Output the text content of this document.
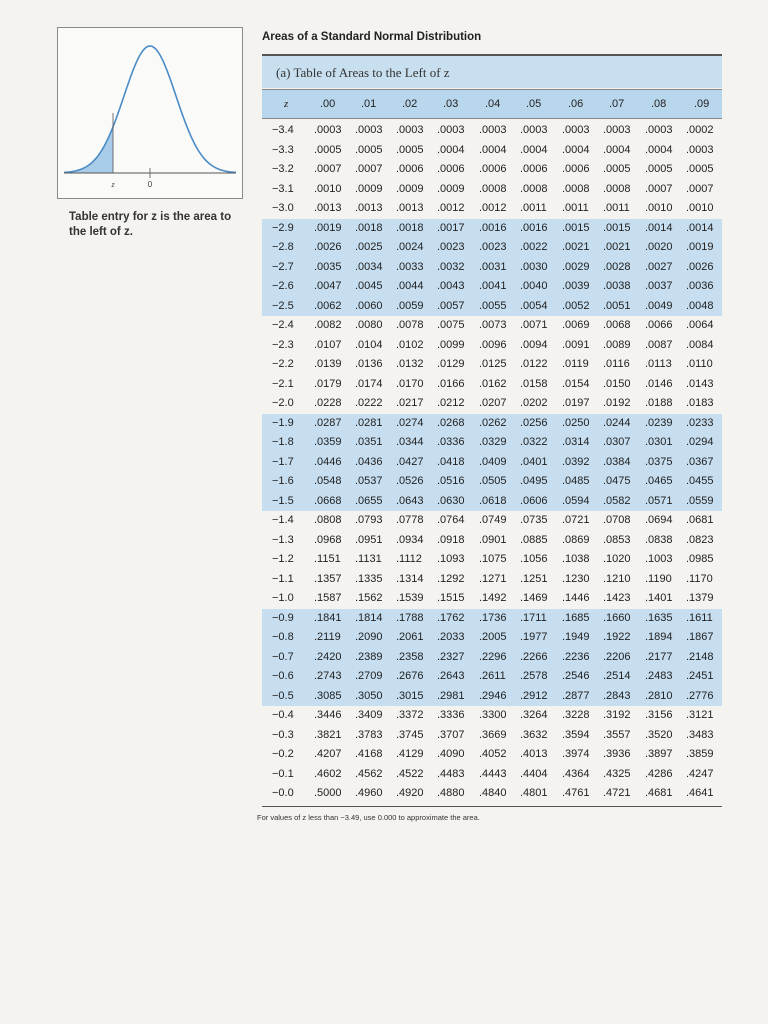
z	0
Table entry for z is the area to the left of z.
Areas of a Standard Normal Distribution
(a) Table of Areas to the Left of z
z	.00 .01 .02 .03 .04 .05 .06 .07 .08	.09
−3.4 .0003 .0003 .0003 .0003 .0003 .0003 .0003 .0003 .0003 .0002
−3.3 .0005 .0005 .0005 .0004 .0004 .0004 .0004 .0004 .0004 .0003
−3.2 .0007 .0007 .0006 .0006 .0006 .0006 .0006 .0005 .0005 .0005
−3.1 .0010 .0009 .0009 .0009 .0008 .0008 .0008 .0008 .0007 .0007
−3.0 .0013 .0013 .0013 .0012 .0012 .0011 .0011 .0011 .0010 .0010
−2.9 .0019 .0018 .0018 .0017 .0016 .0016 .0015 .0015 .0014 .0014
−2.8 .0026 .0025 .0024 .0023 .0023 .0022 .0021 .0021 .0020 .0019
−2.7 .0035 .0034 .0033 .0032 .0031 .0030 .0029 .0028 .0027 .0026
−2.6 .0047 .0045 .0044 .0043 .0041 .0040 .0039 .0038 .0037 .0036
−2.5 .0062 .0060 .0059 .0057 .0055 .0054 .0052 .0051 .0049 .0048
−2.4 .0082 .0080 .0078 .0075 .0073 .0071 .0069 .0068 .0066 .0064
−2.3 .0107 .0104 .0102 .0099 .0096 .0094 .0091 .0089 .0087 .0084
−2.2 .0139 .0136 .0132 .0129 .0125 .0122 .0119 .0116 .0113 .0110
−2.1 .0179 .0174 .0170 .0166 .0162 .0158 .0154 .0150 .0146 .0143
−2.0 .0228 .0222 .0217 .0212 .0207 .0202 .0197 .0192 .0188 .0183
−1.9 .0287 .0281 .0274 .0268 .0262 .0256 .0250 .0244 .0239 .0233
−1.8 .0359 .0351 .0344 .0336 .0329 .0322 .0314 .0307 .0301 .0294
−1.7 .0446 .0436 .0427 .0418 .0409 .0401 .0392 .0384 .0375 .0367
−1.6 .0548 .0537 .0526 .0516 .0505 .0495 .0485 .0475 .0465 .0455
−1.5 .0668 .0655 .0643 .0630 .0618 .0606 .0594 .0582 .0571 .0559
−1.4 .0808 .0793 .0778 .0764 .0749 .0735 .0721 .0708 .0694 .0681
−1.3 .0968 .0951 .0934 .0918 .0901 .0885 .0869 .0853 .0838 .0823
−1.2 .1151 .1131 .1112 .1093 .1075 .1056 .1038 .1020 .1003 .0985
−1.1 .1357 .1335 .1314 .1292 .1271 .1251 .1230 .1210 .1190 .1170
−1.0 .1587 .1562 .1539 .1515 .1492 .1469 .1446 .1423 .1401 .1379
−0.9 .1841 .1814 .1788 .1762 .1736 .1711 .1685 .1660 .1635 .1611
−0.8 .2119 .2090 .2061 .2033 .2005 .1977 .1949 .1922 .1894 .1867
−0.7 .2420 .2389 .2358 .2327 .2296 .2266 .2236 .2206 .2177 .2148
−0.6 .2743 .2709 .2676 .2643 .2611 .2578 .2546 .2514 .2483 .2451
−0.5 .3085 .3050 .3015 .2981 .2946 .2912 .2877 .2843 .2810 .2776
−0.4 .3446 .3409 .3372 .3336 .3300 .3264 .3228 .3192 .3156 .3121
−0.3 .3821 .3783 .3745 .3707 .3669 .3632 .3594 .3557 .3520 .3483
−0.2 .4207 .4168 .4129 .4090 .4052 .4013 .3974 .3936 .3897 .3859
−0.1 .4602 .4562 .4522 .4483 .4443 .4404 .4364 .4325 .4286 .4247
−0.0 .5000 .4960 .4920 .4880 .4840 .4801 .4761 .4721 .4681 .4641
For values of z less than −3.49, use 0.000 to approximate the area.
